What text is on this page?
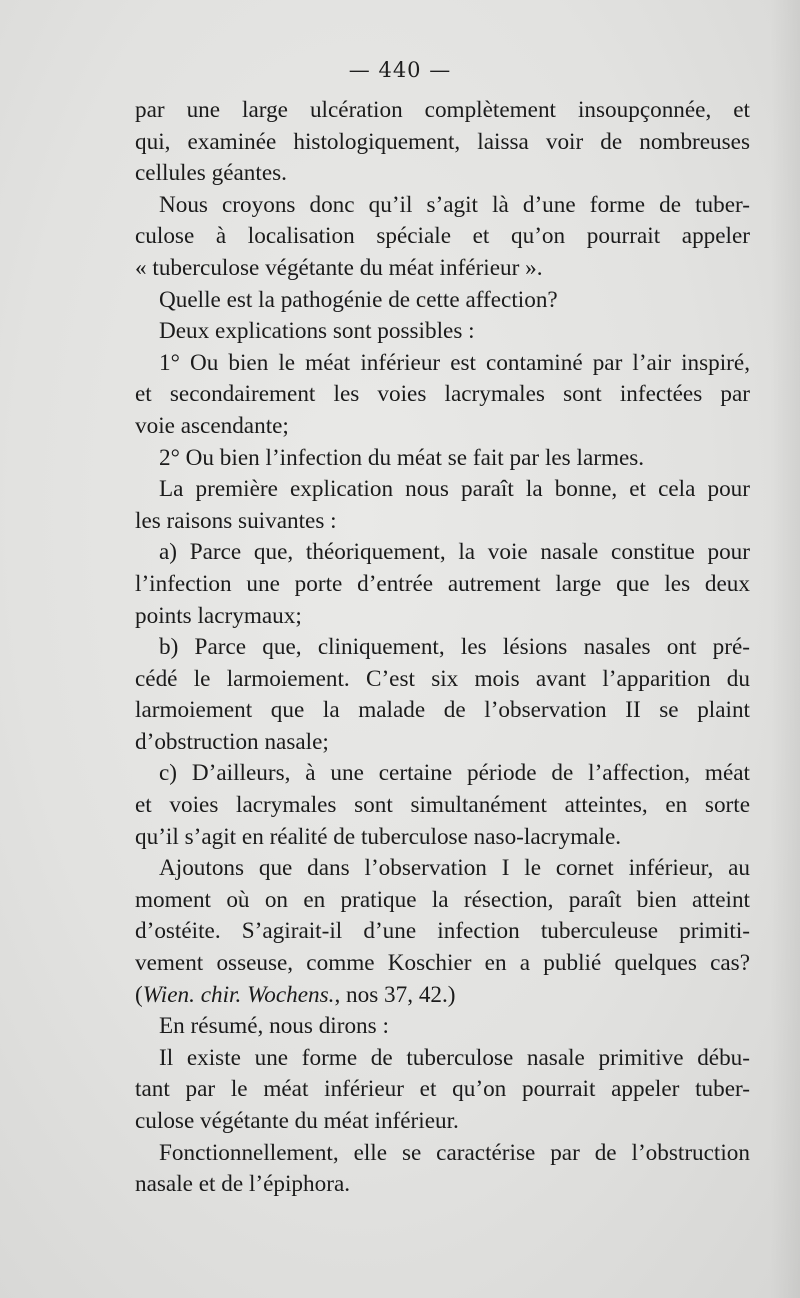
— 440 —
par une large ulcération complètement insoupçonnée, et
qui, examinée histologiquement, laissa voir de nombreuses
cellules géantes.
Nous croyons donc qu’il s’agit là d’une forme de tuber-
culose à localisation spéciale et qu’on pourrait appeler
« tuberculose végétante du méat inférieur ».
Quelle est la pathogénie de cette affection?
Deux explications sont possibles :
1° Ou bien le méat inférieur est contaminé par l’air inspiré,
et secondairement les voies lacrymales sont infectées par
voie ascendante;
2° Ou bien l’infection du méat se fait par les larmes.
La première explication nous paraît la bonne, et cela pour
les raisons suivantes :
a) Parce que, théoriquement, la voie nasale constitue pour
l’infection une porte d’entrée autrement large que les deux
points lacrymaux;
b) Parce que, cliniquement, les lésions nasales ont pré-
cédé le larmoiement. C’est six mois avant l’apparition du
larmoiement que la malade de l’observation II se plaint
d’obstruction nasale;
c) D’ailleurs, à une certaine période de l’affection, méat
et voies lacrymales sont simultanément atteintes, en sorte
qu’il s’agit en réalité de tuberculose naso-lacrymale.
Ajoutons que dans l’observation I le cornet inférieur, au
moment où on en pratique la résection, paraît bien atteint
d’ostéite. S’agirait-il d’une infection tuberculeuse primiti-
vement osseuse, comme Koschier en a publié quelques cas?
(Wien. chir. Wochens., nos 37, 42.)
En résumé, nous dirons :
Il existe une forme de tuberculose nasale primitive débu-
tant par le méat inférieur et qu’on pourrait appeler tuber-
culose végétante du méat inférieur.
Fonctionnellement, elle se caractérise par de l’obstruction
nasale et de l’épiphora.
